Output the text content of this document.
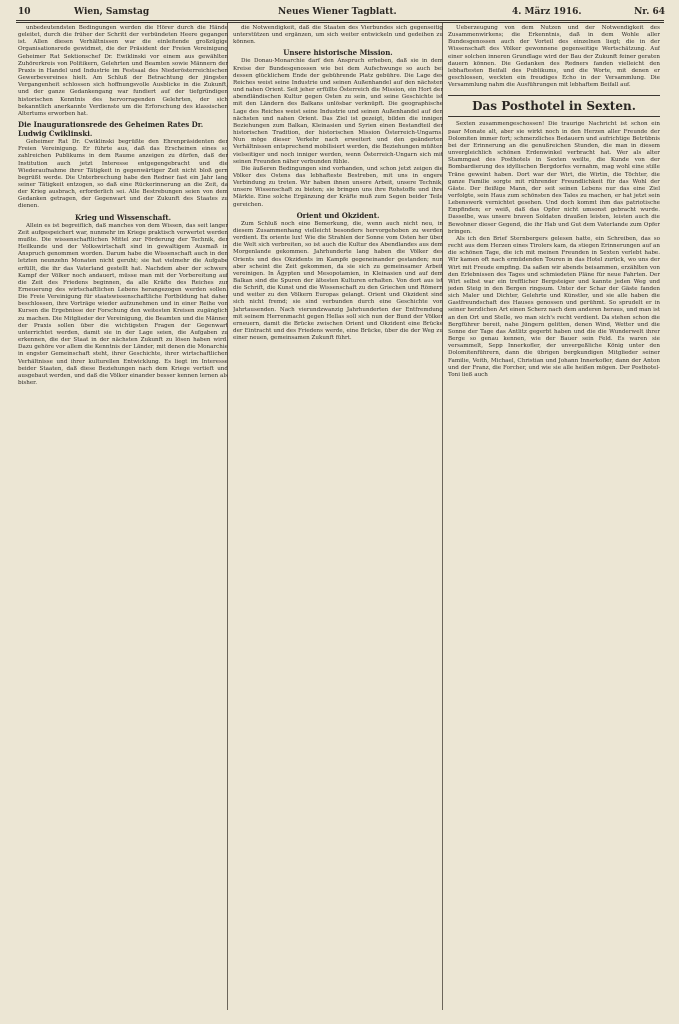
10	Wien, Samstag	Neues Wiener Tagblatt.	4. März 1916.	Nr. 64

unbedeutendsten Bedingungen werden die Hörer durch die Hände geleitet, durch die früher der Schritt der verbündeten Heere gegangen ist. Allen diesen Verhältnissen war die einleitende großzügige Organisationsrede gewidmet, die der Präsident der Freien Vereinigung Geheimer Rat Sektionschef Dr. Ewiklinski vor einem aus gewählten Zuhörerkreis von Politikern, Gelehrten und Beamten sowie Männern der Praxis in Handel und Industrie im Festsaal des Niederösterreichischen Gewerbevereines hielt. Am Schluß der Betrachtung der jüngsten Vergangenheit schlossen sich hoffnungsvolle Ausblicke in die Zukunft, und der ganze Gedankengang war fundiert auf der tiefgründigen historischen Kenntnis des hervorragenden Gelehrten, der sich bekanntlich anerkannte Verdienste um die Erforschung des klassischen Altertums erworben hat.

Die Inaugurationsrede des Geheimen Rates Dr. Ludwig Cwiklinski.

Geheimer Rat Dr. Cwiklinski begrüßte den Ehrenpräsidenten der Freien Vereinigung. Er führte aus, daß das Erscheinen eines so zahlreichen Publikums in dem Raume anzeigen zu dürfen, daß der Institution auch jetzt Interesse entgegengebracht und die Wiederaufnahme ihrer Tätigkeit in gegenwärtiger Zeit nicht bloß gern begrüßt werde. Die Unterbrechung habe den Redner fast ein Jahr lang seiner Tätigkeit entzogen, so daß eine Rückerinnerung an die Zeit, da der Krieg ausbrach, erforderlich sei. Alle Bestrebungen seien von dem Gedanken getragen, der Gegenwart und der Zukunft des Staates zu dienen.

Krieg und Wissenschaft.

Allein es ist begreiflich, daß manches von dem Wissen, das seit langer Zeit aufgespeichert war, nunmehr im Kriege praktisch verwertet werden mußte. Die wissenschaftlichen Mittel zur Förderung der Technik, der Heilkunde und der Volkswirtschaft sind in gewaltigem Ausmaß in Anspruch genommen worden. Darum habe die Wissenschaft auch in den letzten neunzehn Monaten nicht geruht; sie hat vielmehr die Aufgabe erfüllt, die ihr das Vaterland gestellt hat. Nachdem aber der schwere Kampf der Völker noch andauert, müsse man mit der Vorbereitung auf die Zeit des Friedens beginnen, da alle Kräfte des Reiches zur Erneuerung des wirtschaftlichen Lebens herangezogen werden sollen. Die Freie Vereinigung für staatswissenschaftliche Fortbildung hat daher beschlossen, ihre Vorträge wieder aufzunehmen und in einer Reihe von Kursen die Ergebnisse der Forschung den weitesten Kreisen zugänglich zu machen. Die Mitglieder der Vereinigung, die Beamten und die Männer der Praxis sollen über die wichtigsten Fragen der Gegenwart unterrichtet werden, damit sie in der Lage seien, die Aufgaben zu erkennen, die der Staat in der nächsten Zukunft zu lösen haben wird. Dazu gehöre vor allem die Kenntnis der Länder, mit denen die Monarchie in engster Gemeinschaft steht, ihrer Geschichte, ihrer wirtschaftlichen Verhältnisse und ihrer kulturellen Entwicklung. Es liegt im Interesse beider Staaten, daß diese Beziehungen nach dem Kriege vertieft und ausgebaut werden, und daß die Völker einander besser kennen lernen als bisher.

die Notwendigkeit, daß die Staaten des Vierbundes sich gegenseitig unterstützen und ergänzen, um sich weiter entwickeln und gedeihen zu können.

Unsere historische Mission.

Die Donau-Monarchie darf den Anspruch erheben, daß sie in dem Kreise der Bundesgenossen wie bei dem Aufschwunge so auch bei dessen glücklichem Ende der gebührende Platz gebühre. Die Lage des Reiches weist seine Industrie und seinen Außenhandel auf den nächsten und nahen Orient. Seit jeher erfüllte Österreich die Mission, ein Hort der abendländischen Kultur gegen Osten zu sein, und seine Geschichte ist mit den Ländern des Balkans unlösbar verknüpft. Die geographische Lage des Reiches weist seine Industrie und seinen Außenhandel auf den nächsten und nahen Orient. Das Ziel ist gezeigt, bilden die innigen Beziehungen zum Balkan, Kleinasien und Syrien einen Bestandteil der historischen Tradition, der historischen Mission Österreich-Ungarns. Nun möge dieser Verkehr nach erweitert und den geänderten Verhältnissen entsprechend mobilisiert werden, die Beziehungen müßten vielseitiger und noch inniger werden, wenn Österreich-Ungarn sich mit seinen Freunden näher verbunden fühle.

Die äußeren Bedingungen sind vorhanden, und schon jetzt zeigen die Völker des Ostens das lebhafteste Bestreben, mit uns in engere Verbindung zu treten. Wir haben ihnen unsere Arbeit, unsere Technik, unsere Wissenschaft zu bieten; sie bringen uns ihre Rohstoffe und ihre Märkte. Eine solche Ergänzung der Kräfte muß zum Segen beider Teile gereichen.

Orient und Okzident.

Zum Schluß noch eine Bemerkung, die, wenn auch nicht neu, in diesem Zusammenhang vielleicht besonders hervorgehoben zu werden verdient. Ex oriente lux! Wie die Strahlen der Sonne vom Osten her über die Welt sich verbreiten, so ist auch die Kultur des Abendlandes aus dem Morgenlande gekommen. Jahrhunderte lang haben die Völker des Orients und des Okzidents im Kampfe gegeneinander gestanden; nun aber scheint die Zeit gekommen, da sie sich zu gemeinsamer Arbeit vereinigen. In Ägypten und Mesopotamien, in Kleinasien und auf dem Balkan sind die Spuren der ältesten Kulturen erhalten. Von dort aus ist die Schrift, die Kunst und die Wissenschaft zu den Griechen und Römern und weiter zu den Völkern Europas gelangt. Orient und Okzident sind sich nicht fremd; sie sind verbunden durch eine Geschichte von Jahrtausenden. Nach vierundzwanzig Jahrhunderten der Entfremdung mit seinem Herrenmacht gegen Hellas soll sich nun der Bund der Völker erneuern, damit die Brücke zwischen Orient und Okzident eine Brücke der Eintracht und des Friedens werde, eine Brücke, über die der Weg zu einer neuen, gemeinsamen Zukunft führt.

Ueberzeugung von dem Nutzen und der Notwendigkeit des Zusammenwirkens; die Erkenntnis, daß in dem Wohle aller Bundesgenossen auch der Vorteil des einzelnen liegt; die in der Wissenschaft des Völker gewonnene gegenseitige Wertschätzung. Auf einer solchen inneren Grundlage wird der Bau der Zukunft feiner geraten dauern können. Die Gedanken des Redners fanden vielleicht den lebhaftesten Beifall des Publikums, und die Worte, mit denen er geschlossen, weckten ein freudiges Echo in der Versammlung. Die Versammlung nahm die Ausführungen mit lebhaftem Beifall auf.

Das Posthotel in Sexten.

Sexten zusammengeschossen! Die traurige Nachricht ist schon ein paar Monate alt, aber sie wirkt noch in den Herzen aller Freunde der Dolomiten immer fort; schmerzliches Bedauern und aufrichtige Betrübnis bei der Erinnerung an die genußreichen Stunden, die man in diesem unvergleichlich schönen Erdenwinkel verbracht hat. Wer als alter Stammgast des Posthotels in Sexten weilte, die Kunde von der Bombardierung des idyllischen Bergdorfes vernahm, mag wohl eine stille Träne geweint haben. Dort war der Wirt, die Wirtin, die Töchter, die ganze Familie sorgte mit rührender Freundlichkeit für das Wohl der Gäste. Der fleißige Mann, der seit seinen Lebens nur das eine Ziel verfolgte, sein Haus zum schönsten des Tales zu machen, er hat jetzt sein Lebenswerk vernichtet gesehen. Und doch kommt ihm das patriotische Empfinden; er weiß, daß das Opfer nicht umsonst gebracht wurde. Dasselbe, was unsere braven Soldaten draußen leisten, leisten auch die Bewohner dieser Gegend, die ihr Hab und Gut dem Vaterlande zum Opfer bringen.

Als ich den Brief Sternbergers gelesen hatte, ein Schreiben, das so recht aus dem Herzen eines Tirolers kam, da stiegen Erinnerungen auf an die schönen Tage, die ich mit meinen Freunden in Sexten verlebt habe. Wir kamen oft nach ermüdenden Touren in das Hotel zurück, wo uns der Wirt mit Freude empfing. Da saßen wir abends beisammen, erzählten von den Erlebnissen des Tages und schmiedeten Pläne für neue Fahrten. Der Wirt selbst war ein trefflicher Bergsteiger und kannte jeden Weg und jeden Steig in den Bergen ringsum. Unter der Schar der Gäste fanden sich Maler und Dichter, Gelehrte und Künstler, und sie alle haben die Gastfreundschaft des Hauses genossen und gerühmt. So sprudelt er in seiner herzlichen Art einen Scherz nach dem anderen heraus, und man ist an den Ort und Stelle, wo man sich's recht verdient. Da stehen schon die Bergführer bereit, nahe Jüngern gelitten, denen Wind, Wetter und die Sonne der Tage das Antlitz gegerbt haben und die die Wunderwelt ihrer Berge so genau kennen, wie der Bauer sein Feld. Es waren sie versammelt, Sepp Innerkofler, der unvergeßliche König unter den Dolomitenführern, dann die übrigen bergkundigen Mitglieder seiner Familie, Veith, Michael, Christian und Johann Innerkofler, dann der Anton und der Franz, die Forcher, und wie sie alle heißen mögen. Der Posthotel-Toni ließ auch
